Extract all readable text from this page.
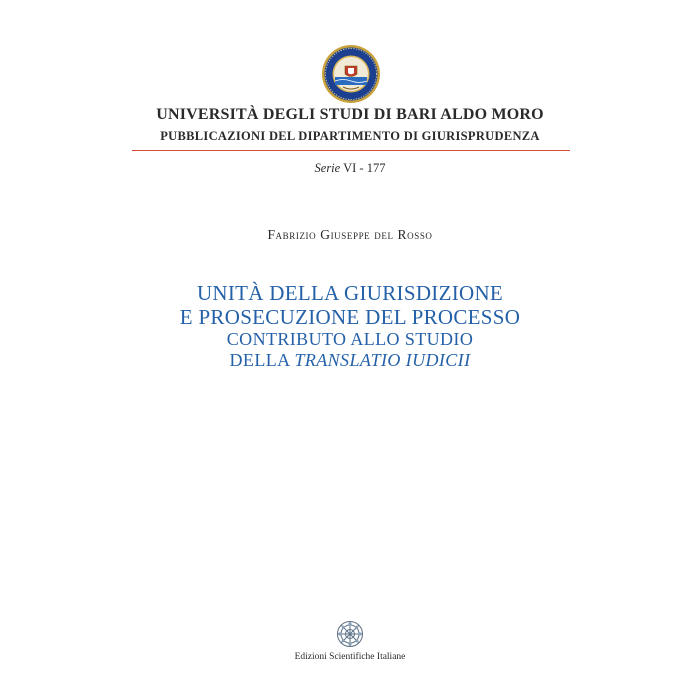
UNIVERSITÀ DEGLI STUDI DI BARI ALDO MORO
PUBBLICAZIONI DEL DIPARTIMENTO DI GIURISPRUDENZA
Serie VI - 177
Fabrizio Giuseppe del Rosso
UNITÀ DELLA GIURISDIZIONE
E PROSECUZIONE DEL PROCESSO
CONTRIBUTO ALLO STUDIO
DELLA TRANSLATIO IUDICII
Edizioni Scientifiche Italiane
